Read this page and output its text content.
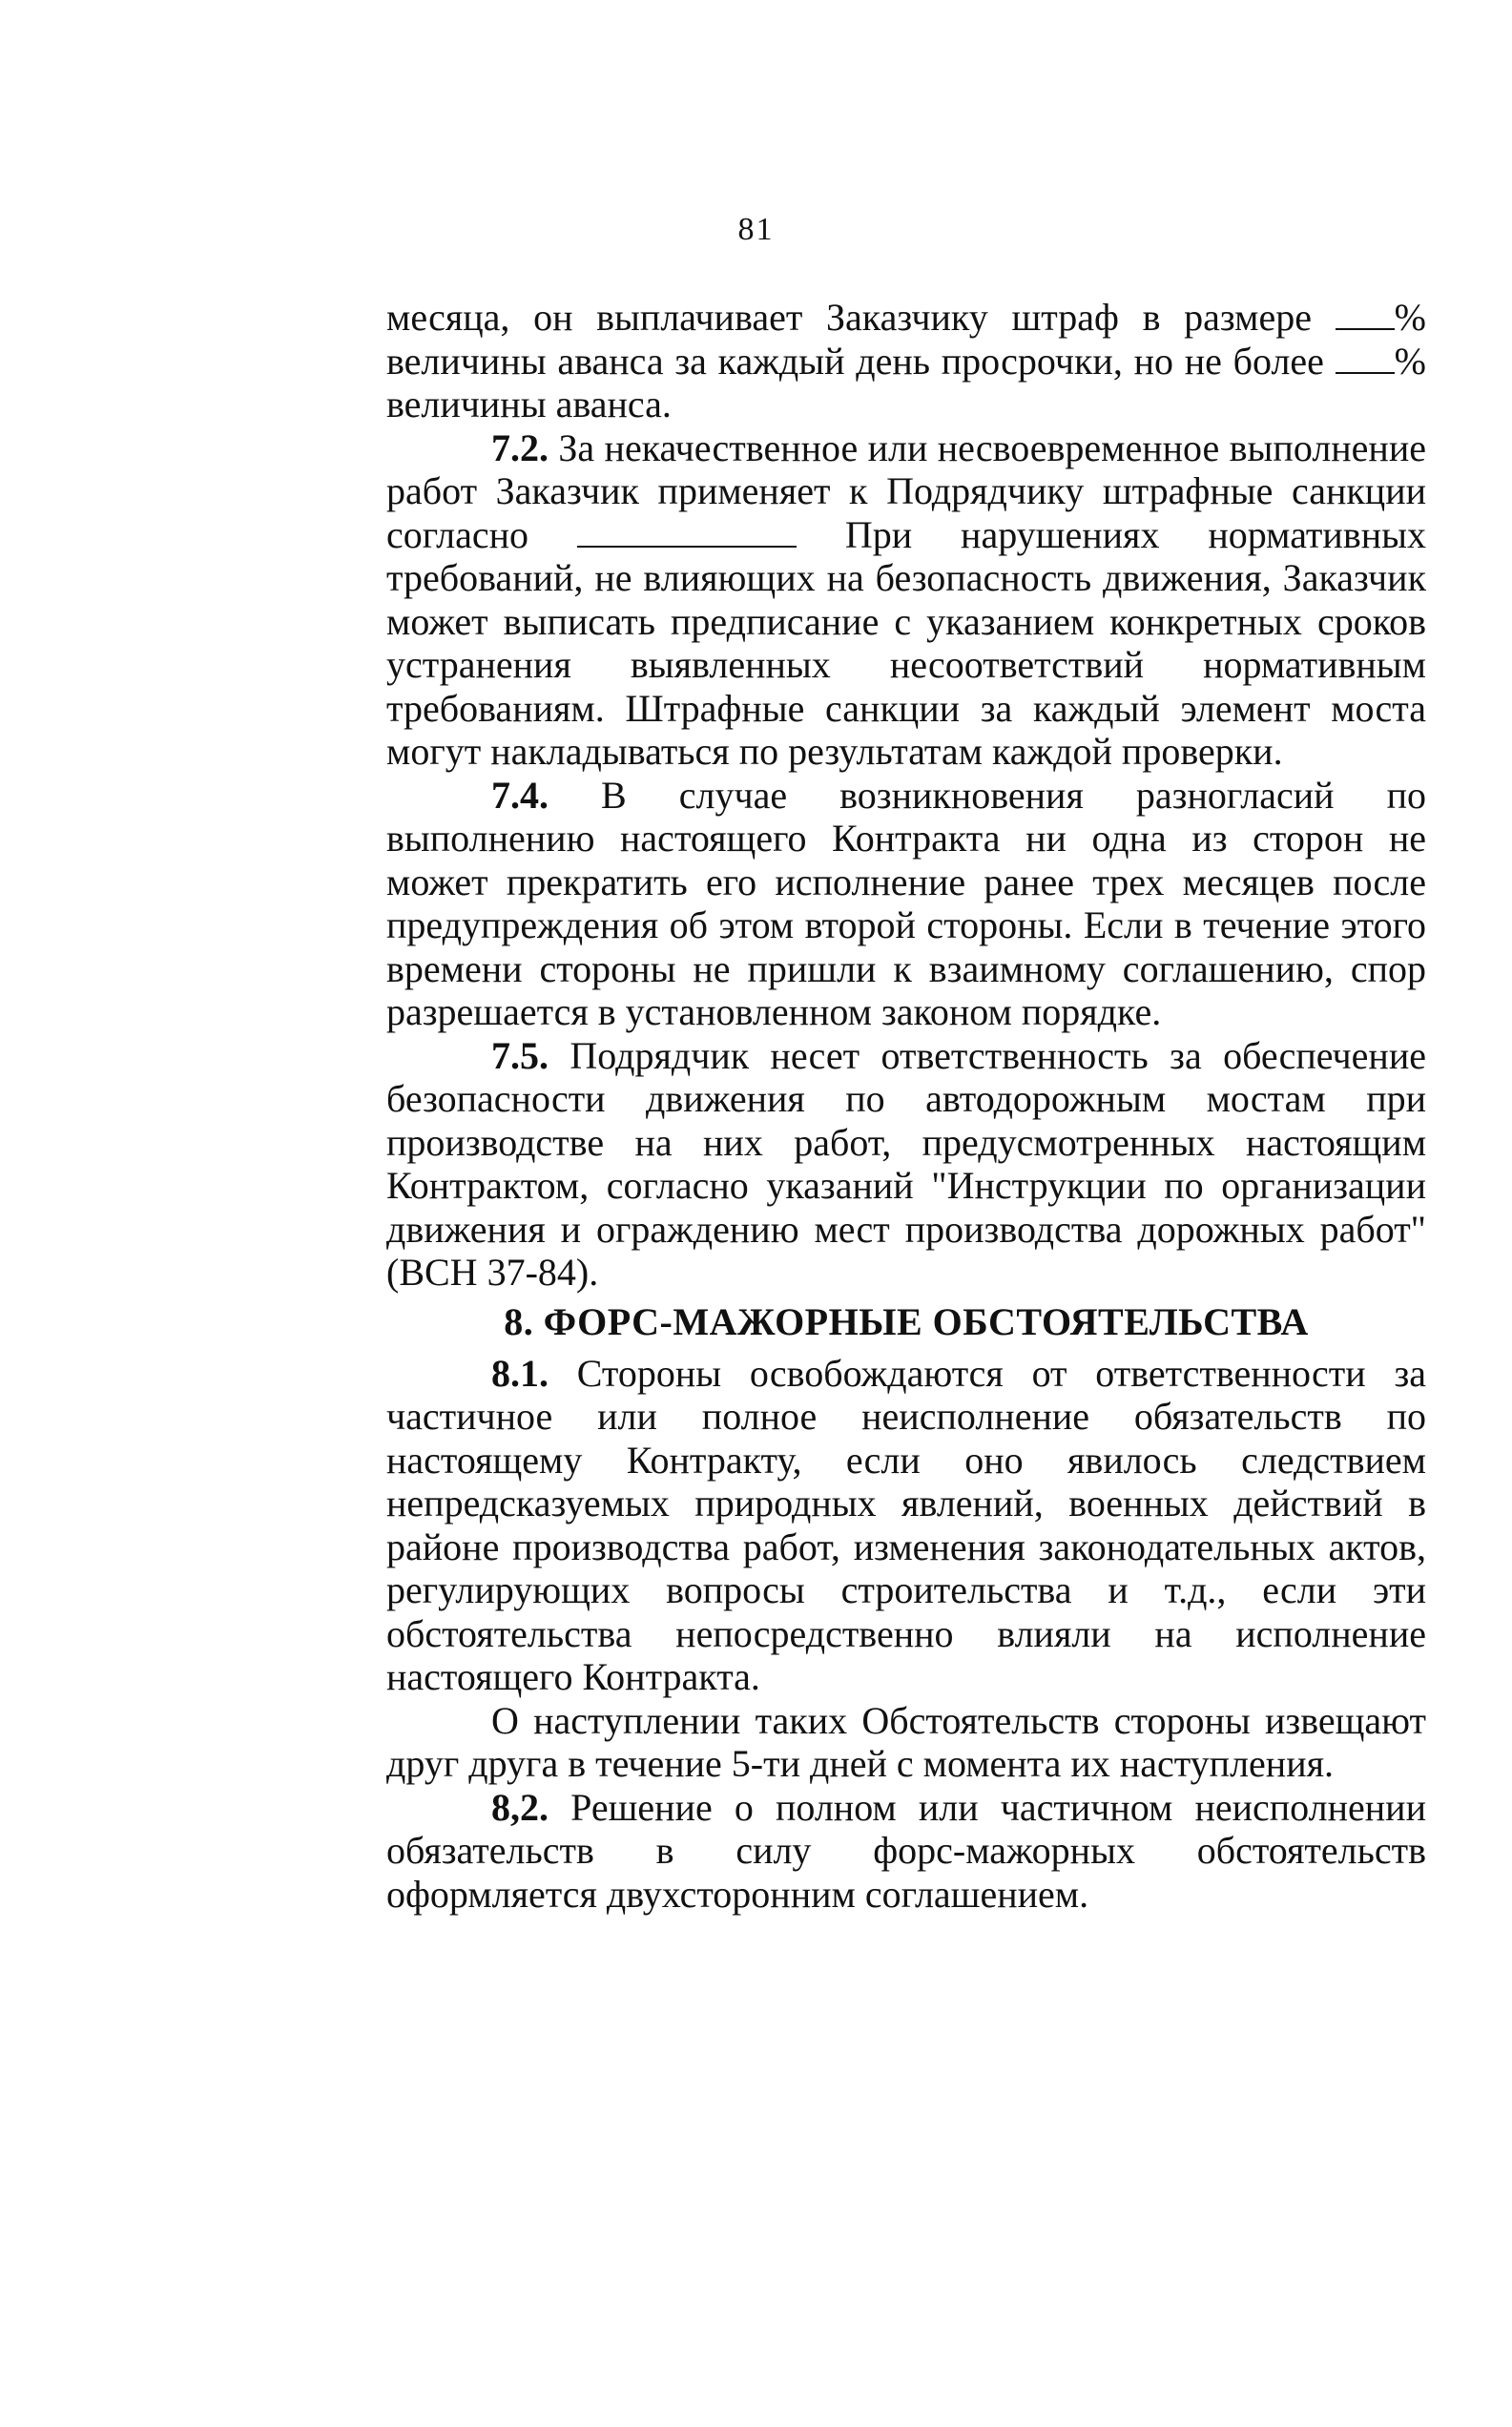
81

месяца, он выплачивает Заказчику штраф в размере % величины аванса за каждый день просрочки, но не более % величины аванса.

7.2. За некачественное или несвоевременное выполнение работ Заказчик применяет к Подрядчику штрафные санкции согласно	При нарушениях нормативных требований, не влияющих на безопасность движения, Заказчик может выписать предписание с указанием конкретных сроков устранения выявленных несоответствий нормативным требованиям. Штрафные санкции за каждый элемент моста могут накладываться по результатам каждой проверки.

7.4. В случае возникновения разногласий по выполнению настоящего Контракта ни одна из сторон не может прекратить его исполнение ранее трех месяцев после предупреждения об этом второй стороны. Если в течение этого времени стороны не пришли к взаимному соглашению, спор разрешается в установленном законом порядке.

7.5. Подрядчик несет ответственность за обеспечение безопасности движения по автодорожным мостам при производстве на них работ, предусмотренных настоящим Контрактом, согласно указаний "Инструкции по организации движения и ограждению мест производства дорожных работ" (ВСН 37-84).

8. ФОРС-МАЖОРНЫЕ ОБСТОЯТЕЛЬСТВА

8.1. Стороны освобождаются от ответственности за частичное или полное неисполнение обязательств по настоящему Контракту, если оно явилось следствием непредсказуемых природных явлений, военных действий в районе производства работ, изменения законодательных актов, регулирующих вопросы строительства и т.д., если эти обстоятельства непосредственно влияли на исполнение настоящего Контракта.

О наступлении таких Обстоятельств стороны извещают друг друга в течение 5-ти дней с момента их наступления.

8,2. Решение о полном или частичном неисполнении обязательств в силу форс-мажорных обстоятельств оформляется двухсторонним соглашением.
